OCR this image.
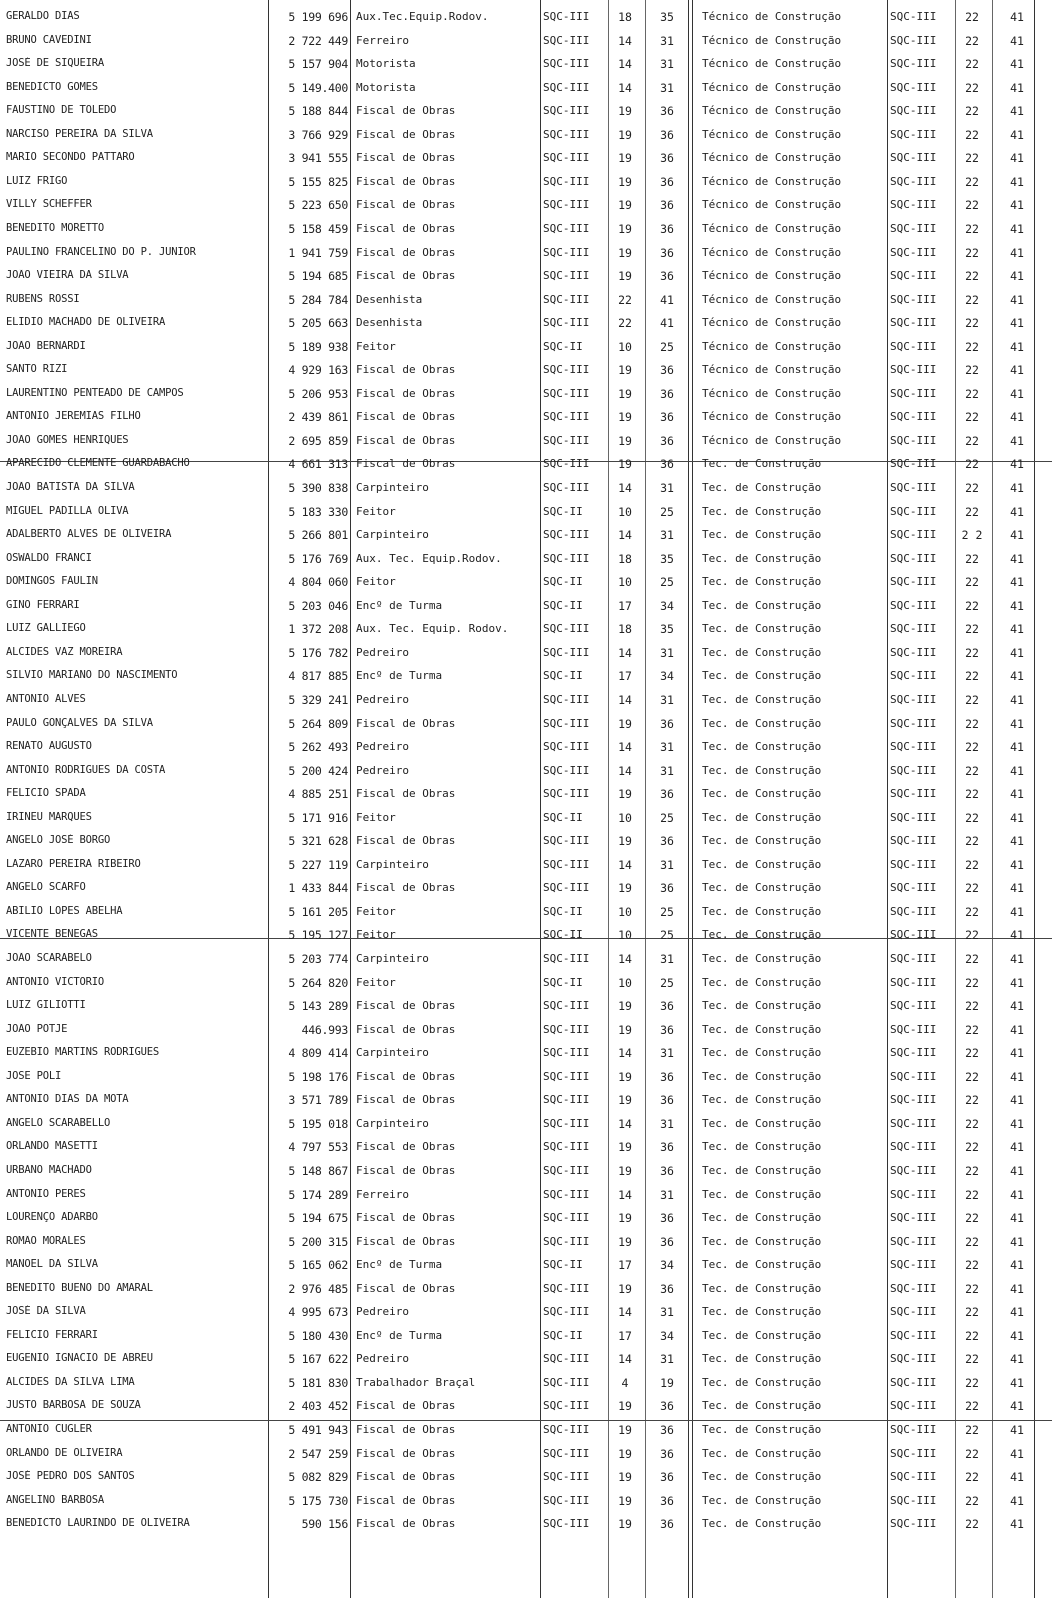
GERALDO DIAS	5 199 696 Aux.Tec.Equip.Rodov.	SQC-III	18	35	Técnico de Construção	SQC-III	22	41
BRUNO CAVEDINI	2 722 449 Ferreiro	SQC-III	14	31	Técnico de Construção	SQC-III	22	41
JOSÉ DE SIQUEIRA	5 157 904 Motorista	SQC-III	14	31	Técnico de Construção	SQC-III	22	41
BENEDICTO GOMES	5 149.400 Motorista	SQC-III	14	31	Técnico de Construção	SQC-III	22	41
FAUSTINO DE TOLEDO	5 188 844 Fiscal de Obras	SQC-III	19	36	Técnico de Construção	SQC-III	22	41
NARCISO PEREIRA DA SILVA	3 766 929 Fiscal de Obras	SQC-III	19	36	Técnico de Construção	SQC-III	22	41
MARIO SECONDO PATTARO	3 941 555 Fiscal de Obras	SQC-III	19	36	Técnico de Construção	SQC-III	22	41
LUIZ FRIGO	5 155 825 Fiscal de Obras	SQC-III	19	36	Técnico de Construção	SQC-III	22	41
VILLY SCHEFFER	5 223 650 Fiscal de Obras	SQC-III	19	36	Técnico de Construção	SQC-III	22	41
BENEDITO MORETTO	5 158 459 Fiscal de Obras	SQC-III	19	36	Técnico de Construção	SQC-III	22	41
PAULINO FRANCELINO DO P. JUNIOR	1 941 759 Fiscal de Obras	SQC-III	19	36	Técnico de Construção	SQC-III	22	41
JOÃO VIEIRA DA SILVA	5 194 685 Fiscal de Obras	SQC-III	19	36	Técnico de Construção	SQC-III	22	41
RUBENS ROSSI	5 284 784 Desenhista	SQC-III	22	41	Técnico de Construção	SQC-III	22	41
ELIDIO MACHADO DE OLIVEIRA	5 205 663 Desenhista	SQC-III	22	41	Técnico de Construção	SQC-III	22	41
JOÃO BERNARDI	5 189 938 Feitor	SQC-II	10	25	Técnico de Construção	SQC-III	22	41
SANTO RIZI	4 929 163 Fiscal de Obras	SQC-III	19	36	Técnico de Construção	SQC-III	22	41
LAURENTINO PENTEADO DE CAMPOS	5 206 953 Fiscal de Obras	SQC-III	19	36	Técnico de Construção	SQC-III	22	41
ANTONIO JEREMIAS FILHO	2 439 861 Fiscal de Obras	SQC-III	19	36	Técnico de Construção	SQC-III	22	41
JOÃO GOMES HENRIQUES	2 695 859 Fiscal de Obras	SQC-III	19	36	Técnico de Construção	SQC-III	22	41
APARECIDO CLEMENTE GUARDABACHO	4 661 313 Fiscal de Obras	SQC-III	19	36	Tec. de Construção	SQC-III	22	41
JOÃO BATISTA DA SILVA	5 390 838 Carpinteiro	SQC-III	14	31	Tec. de Construção	SQC-III	22	41
MIGUEL PADILLA OLIVA	5 183 330 Feitor	SQC-II	10	25	Tec. de Construção	SQC-III	22	41
ADALBERTO ALVES DE OLIVEIRA	5 266 801 Carpinteiro	SQC-III	14	31	Tec. de Construção	SQC-III	2 2	41
OSWALDO FRANCI	5 176 769 Aux. Tec. Equip.Rodov.	SQC-III	18	35	Tec. de Construção	SQC-III	22	41
DOMINGOS FAULIN	4 804 060 Feitor	SQC-II	10	25	Tec. de Construção	SQC-III	22	41
GINO FERRARI	5 203 046 Encº de Turma	SQC-II	17	34	Tec. de Construção	SQC-III	22	41
LUIZ GALLIEGO	1 372 208 Aux. Tec. Equip. Rodov.	SQC-III	18	35	Tec. de Construção	SQC-III	22	41
ALCIDES VAZ MOREIRA	5 176 782 Pedreiro	SQC-III	14	31	Tec. de Construção	SQC-III	22	41
SILVIO MARIANO DO NASCIMENTO	4 817 885 Encº de Turma	SQC-II	17	34	Tec. de Construção	SQC-III	22	41
ANTONIO ALVES	5 329 241 Pedreiro	SQC-III	14	31	Tec. de Construção	SQC-III	22	41
PAULO GONÇALVES DA SILVA	5 264 809 Fiscal de Obras	SQC-III	19	36	Tec. de Construção	SQC-III	22	41
RENATO AUGUSTO	5 262 493 Pedreiro	SQC-III	14	31	Tec. de Construção	SQC-III	22	41
ANTONIO RODRIGUES DA COSTA	5 200 424 Pedreiro	SQC-III	14	31	Tec. de Construção	SQC-III	22	41
FELICIO SPADA	4 885 251 Fiscal de Obras	SQC-III	19	36	Tec. de Construção	SQC-III	22	41
IRINEU MARQUES	5 171 916 Feitor	SQC-II	10	25	Tec. de Construção	SQC-III	22	41
ANGELO JOSÉ BORGO	5 321 628 Fiscal de Obras	SQC-III	19	36	Tec. de Construção	SQC-III	22	41
LAZARO PEREIRA RIBEIRO	5 227 119 Carpinteiro	SQC-III	14	31	Tec. de Construção	SQC-III	22	41
ANGELO SCARFO	1 433 844 Fiscal de Obras	SQC-III	19	36	Tec. de Construção	SQC-III	22	41
ABILIO LOPES ABELHA	5 161 205 Feitor	SQC-II	10	25	Tec. de Construção	SQC-III	22	41
VICENTE BENEGAS	5 195 127 Feitor	SQC-II	10	25	Tec. de Construção	SQC-III	22	41
JOÃO SCARABELO	5 203 774 Carpinteiro	SQC-III	14	31	Tec. de Construção	SQC-III	22	41
ANTONIO VICTORIO	5 264 820 Feitor	SQC-II	10	25	Tec. de Construção	SQC-III	22	41
LUIZ GILIOTTI	5 143 289 Fiscal de Obras	SQC-III	19	36	Tec. de Construção	SQC-III	22	41
JOÃO POTJE	446.993 Fiscal de Obras	SQC-III	19	36	Tec. de Construção	SQC-III	22	41
EUZEBIO MARTINS RODRIGUES	4 809 414 Carpinteiro	SQC-III	14	31	Tec. de Construção	SQC-III	22	41
JOSE POLI	5 198 176 Fiscal de Obras	SQC-III	19	36	Tec. de Construção	SQC-III	22	41
ANTONIO DIAS DA MOTA	3 571 789 Fiscal de Obras	SQC-III	19	36	Tec. de Construção	SQC-III	22	41
ANGELO SCARABELLO	5 195 018 Carpinteiro	SQC-III	14	31	Tec. de Construção	SQC-III	22	41
ORLANDO MASETTI	4 797 553 Fiscal de Obras	SQC-III	19	36	Tec. de Construção	SQC-III	22	41
URBANO MACHADO	5 148 867 Fiscal de Obras	SQC-III	19	36	Tec. de Construção	SQC-III	22	41
ANTONIO PERES	5 174 289 Ferreiro	SQC-III	14	31	Tec. de Construção	SQC-III	22	41
LOURENÇO ADARBO	5 194 675 Fiscal de Obras	SQC-III	19	36	Tec. de Construção	SQC-III	22	41
ROMÃO MORALES	5 200 315 Fiscal de Obras	SQC-III	19	36	Tec. de Construção	SQC-III	22	41
MANOEL DA SILVA	5 165 062 Encº de Turma	SQC-II	17	34	Tec. de Construção	SQC-III	22	41
BENEDITO BUENO DO AMARAL	2 976 485 Fiscal de Obras	SQC-III	19	36	Tec. de Construção	SQC-III	22	41
JOSÉ DA SILVA	4 995 673 Pedreiro	SQC-III	14	31	Tec. de Construção	SQC-III	22	41
FELICIO FERRARI	5 180 430 Encº de Turma	SQC-II	17	34	Tec. de Construção	SQC-III	22	41
EUGENIO IGNACIO DE ABREU	5 167 622 Pedreiro	SQC-III	14	31	Tec. de Construção	SQC-III	22	41
ALCIDES DA SILVA LIMA	5 181 830 Trabalhador Braçal	SQC-III	4	19	Tec. de Construção	SQC-III	22	41
JUSTO BARBOSA DE SOUZA	2 403 452 Fiscal de Obras	SQC-III	19	36	Tec. de Construção	SQC-III	22	41
ANTONIO CUGLER	5 491 943 Fiscal de Obras	SQC-III	19	36	Tec. de Construção	SQC-III	22	41
ORLANDO DE OLIVEIRA	2 547 259 Fiscal de Obras	SQC-III	19	36	Tec. de Construção	SQC-III	22	41
JOSÉ PEDRO DOS SANTOS	5 082 829 Fiscal de Obras	SQC-III	19	36	Tec. de Construção	SQC-III	22	41
ANGELINO BARBOSA	5 175 730 Fiscal de Obras	SQC-III	19	36	Tec. de Construção	SQC-III	22	41
BENEDICTO LAURINDO DE OLIVEIRA	590 156 Fiscal de Obras	SQC-III	19	36	Tec. de Construção	SQC-III	22	41
